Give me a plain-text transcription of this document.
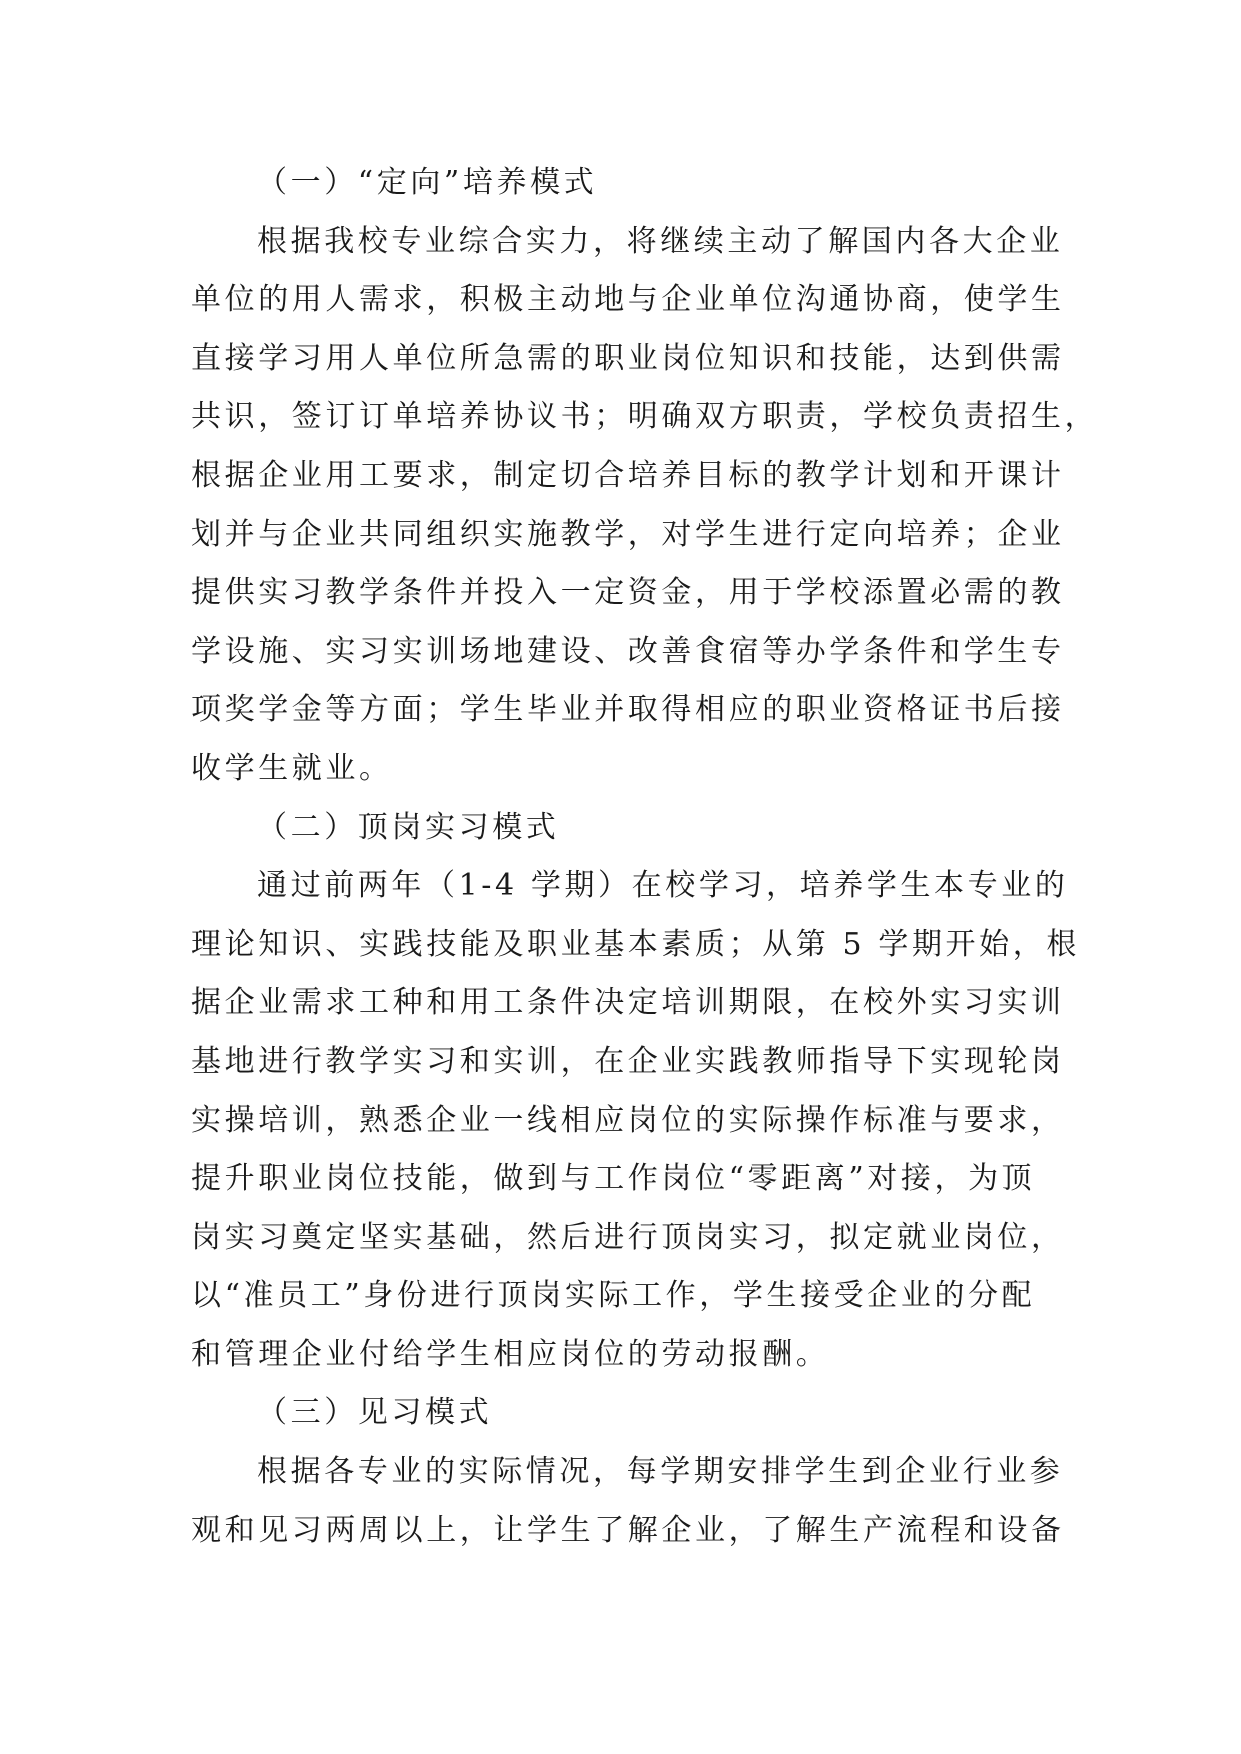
（一）“定向”培养模式
根据我校专业综合实力，将继续主动了解国内各大企业
单位的用人需求，积极主动地与企业单位沟通协商，使学生
直接学习用人单位所急需的职业岗位知识和技能，达到供需
共识，签订订单培养协议书；明确双方职责，学校负责招生，
根据企业用工要求，制定切合培养目标的教学计划和开课计
划并与企业共同组织实施教学，对学生进行定向培养；企业
提供实习教学条件并投入一定资金，用于学校添置必需的教
学设施、实习实训场地建设、改善食宿等办学条件和学生专
项奖学金等方面；学生毕业并取得相应的职业资格证书后接
收学生就业。
（二）顶岗实习模式
通过前两年（1-4 学期）在校学习，培养学生本专业的
理论知识、实践技能及职业基本素质；从第 5 学期开始，根
据企业需求工种和用工条件决定培训期限，在校外实习实训
基地进行教学实习和实训，在企业实践教师指导下实现轮岗
实操培训，熟悉企业一线相应岗位的实际操作标准与要求，
提升职业岗位技能，做到与工作岗位“零距离”对接，为顶
岗实习奠定坚实基础，然后进行顶岗实习，拟定就业岗位，
以“准员工”身份进行顶岗实际工作，学生接受企业的分配
和管理企业付给学生相应岗位的劳动报酬。
（三）见习模式
根据各专业的实际情况，每学期安排学生到企业行业参
观和见习两周以上，让学生了解企业，了解生产流程和设备
